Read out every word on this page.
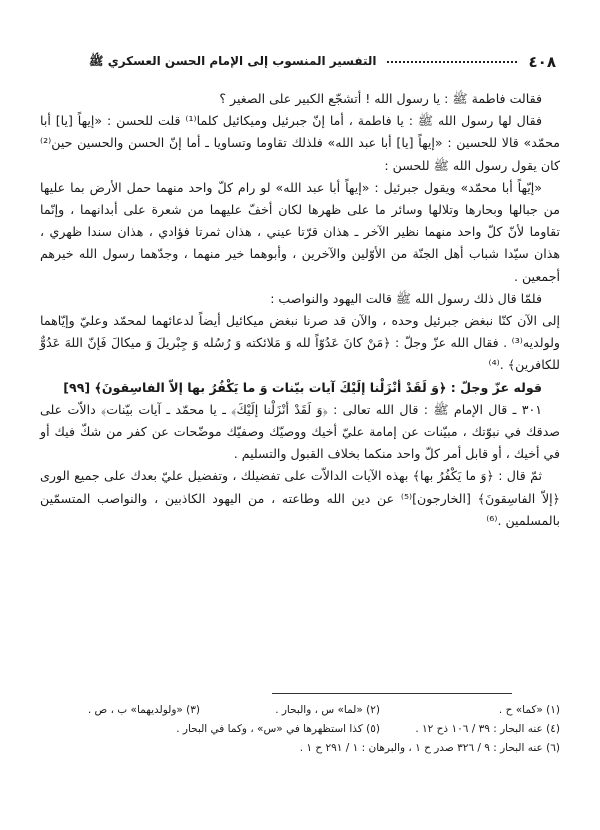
٤٠٨
التفسير المنسوب إلى الإمام الحسن العسكري ﷺ

فقالت فاطمة ﷺ : يا رسول الله ! أتشجّع الكبير على الصغير ؟

فقال لها رسول الله ﷺ : يا فاطمة ، أما إنّ جبرئيل وميكائيل كلما⁽¹⁾ قلت للحسن : «إيهاً [يا] أبا محمّد» قالا للحسين : «إيهاً [يا] أبا عبد الله» فلذلك تقاوما وتساويا ـ أما إنّ الحسن والحسين حين⁽²⁾ كان يقول رسول الله ﷺ للحسن :

«إيّهاً أبا محمّد» ويقول جبرئيل : «إيهاً أبا عبد الله» لو رام كلّ واحد منهما حمل الأرض بما عليها من جبالها وبحارها وتلالها وسائر ما على ظهرها لكان أخفّ عليهما من شعرة على أبدانهما ، وإنّما تقاوما لأنّ كلّ واحد منهما نظير الآخر ـ هذان قرّتا عيني ، هذان ثمرتا فؤادي ، هذان سندا ظهري ، هذان سيّدا شباب أهل الجنّة من الأوّلين والآخرين ، وأبوهما خير منهما ، وجدّهما رسول الله خيرهم أجمعين .

فلمّا قال ذلك رسول الله ﷺ قالت اليهود والنواصب :

إلى الآن كنّا نبغض جبرئيل وحده ، والآن قد صرنا نبغض ميكائيل أيضاً لدعائهما لمحمّد وعليّ وإيّاهما ولولديه⁽³⁾ . فقال الله عزّ وجلّ : ﴿مَنْ كانَ عَدُوّاً لله وَ مَلائكته وَ رُسُله وَ جِبْريلَ وَ ميكالَ فَإنّ اللهَ عَدُوٌّ للكافرين﴾ .⁽⁴⁾

قوله عزّ وجلّ : ﴿وَ لَقَدْ أنْزَلْنا إلَيْكَ آيات بيّنات وَ ما يَكْفُرُ بها إلاّ الفاسِقونَ﴾ [٩٩]

٣٠١ ـ قال الإمام ﷺ : قال الله تعالى : ﴿وَ لَقَدْ أنْزَلْنا إلَيْكَ﴾ ـ يا محمّد ـ آيات بيّنات﴾ دالاّت على صدقك في نبوّتك ، مبيّنات عن إمامة عليّ أخيك ووصيّك وصفيّك موضّحات عن كفر من شكّ فيك أو في أخيك ، أو قابل أمر كلّ واحد منكما بخلاف القبول والتسليم .

ثمّ قال : ﴿وَ ما يَكْفُرُ بها﴾ بهذه الآيات الدالاّت على تفضيلك ، وتفضيل عليّ بعدك على جميع الورى ﴿إلاّ الفاسِقونَ﴾ [الخارجون]⁽⁵⁾ عن دين الله وطاعته ، من اليهود الكاذبين ، والنواصب المتسمّين بالمسلمين .⁽⁶⁾

(١) «كما» ح .
(٢) «لما» س ، والبحار .
(٣) «ولولديهما» ب ، ص .
(٤) عنه البحار : ٣٩ / ١٠٦ ذح ١٢ .
(٥) كذا استظهرها في «س» ، وكما في البحار .
(٦) عنه البحار : ٩ / ٣٢٦ صدر ح ١ ، والبرهان : ١ / ٢٩١ ح ١ .
